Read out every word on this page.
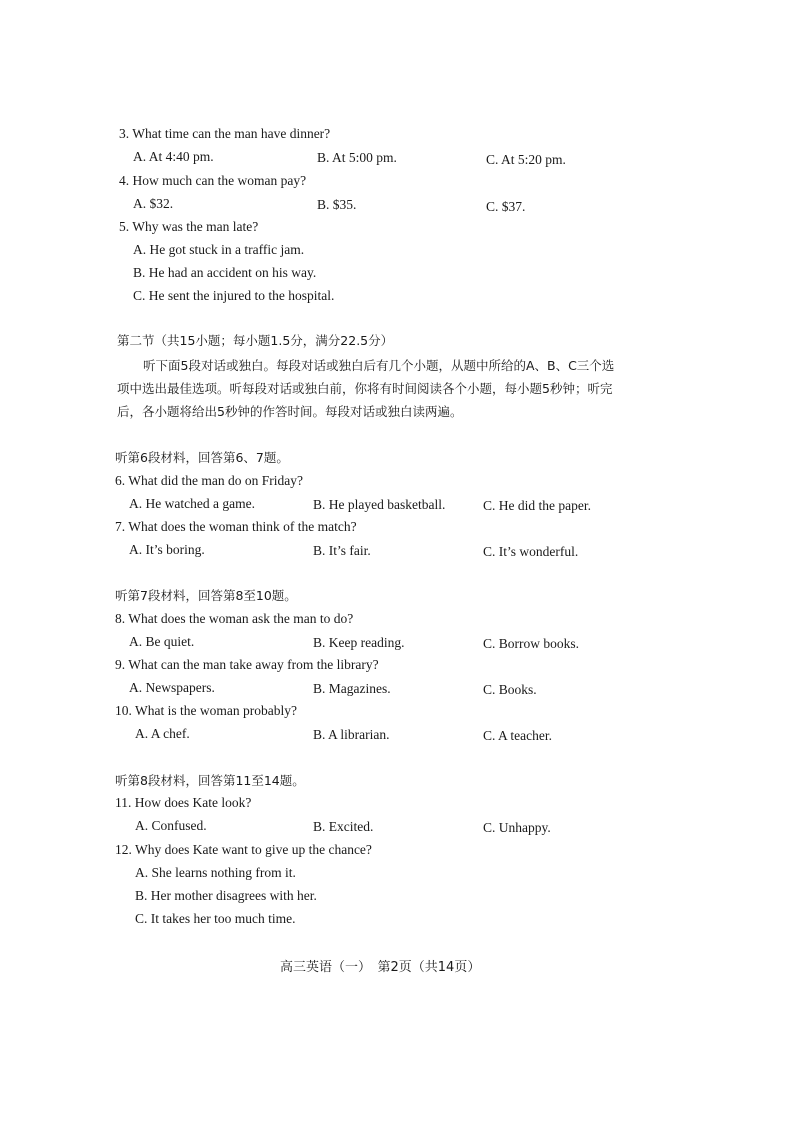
3. What time can the man have dinner?
A. At 4:40 pm.	B. At 5:00 pm.	C. At 5:20 pm.
4. How much can the woman pay?
A. $32.	B. $35.	C. $37.
5. Why was the man late?
A. He got stuck in a traffic jam.
B. He had an accident on his way.
C. He sent the injured to the hospital.
第二节（共15小题；每小题1.5分，满分22.5分）
听下面5段对话或独白。每段对话或独白后有几个小题，从题中所给的A、B、C三个选
项中选出最佳选项。听每段对话或独白前，你将有时间阅读各个小题，每小题5秒钟；听完
后，各小题将给出5秒钟的作答时间。每段对话或独白读两遍。
听第6段材料，回答第6、7题。
6. What did the man do on Friday?
A. He watched a game.	B. He played basketball.	C. He did the paper.
7. What does the woman think of the match?
A. It’s boring.	B. It’s fair.	C. It’s wonderful.
听第7段材料，回答第8至10题。
8. What does the woman ask the man to do?
A. Be quiet.	B. Keep reading.	C. Borrow books.
9. What can the man take away from the library?
A. Newspapers.	B. Magazines.	C. Books.
10. What is the woman probably?
A. A chef.	B. A librarian.	C. A teacher.
听第8段材料，回答第11至14题。
11. How does Kate look?
A. Confused.	B. Excited.	C. Unhappy.
12. Why does Kate want to give up the chance?
A. She learns nothing from it.
B. Her mother disagrees with her.
C. It takes her too much time.
高三英语（一）　第2页（共14页）
